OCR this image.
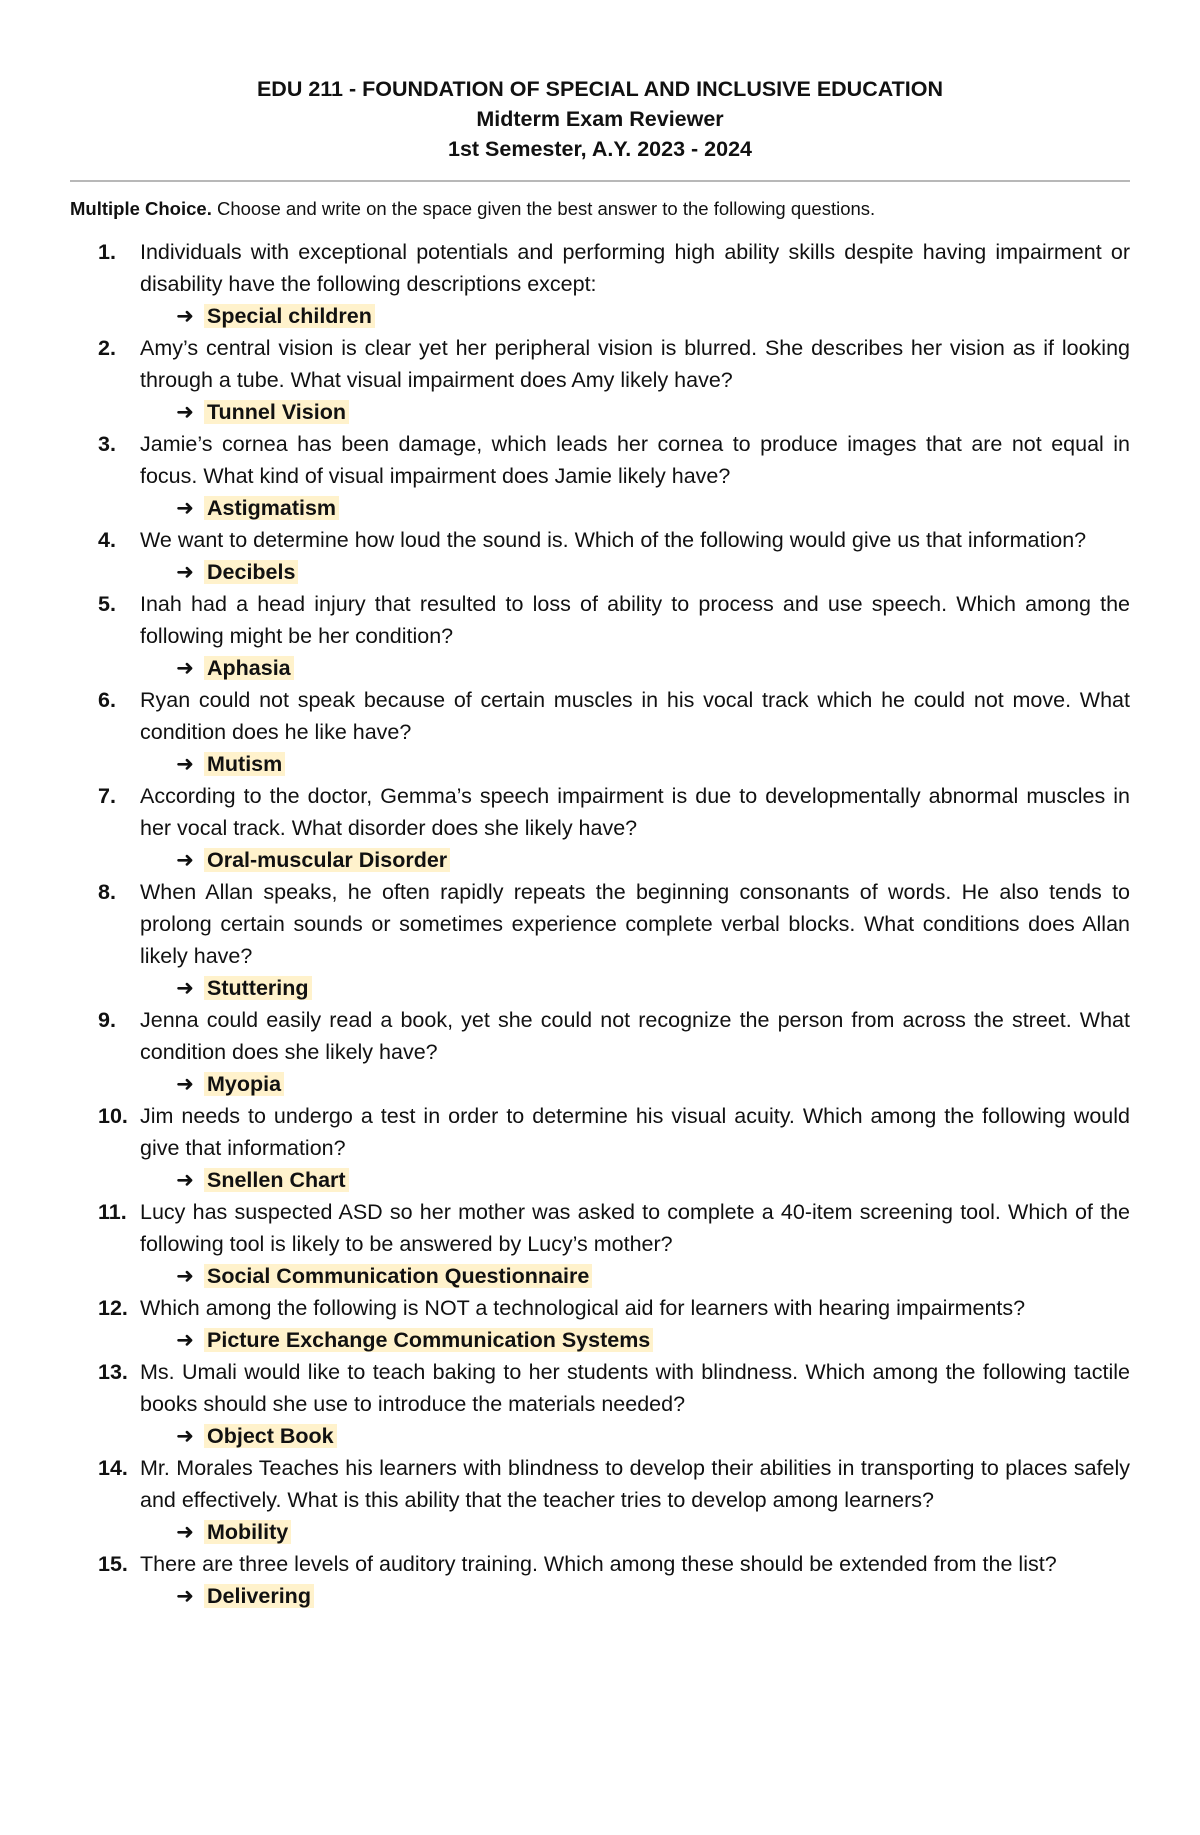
EDU 211 - FOUNDATION OF SPECIAL AND INCLUSIVE EDUCATION
Midterm Exam Reviewer
1st Semester, A.Y. 2023 - 2024
Multiple Choice. Choose and write on the space given the best answer to the following questions.
1. Individuals with exceptional potentials and performing high ability skills despite having impairment or disability have the following descriptions except:
➜ Special children
2. Amy’s central vision is clear yet her peripheral vision is blurred. She describes her vision as if looking through a tube. What visual impairment does Amy likely have?
➜ Tunnel Vision
3. Jamie’s cornea has been damage, which leads her cornea to produce images that are not equal in focus. What kind of visual impairment does Jamie likely have?
➜ Astigmatism
4. We want to determine how loud the sound is. Which of the following would give us that information?
➜ Decibels
5. Inah had a head injury that resulted to loss of ability to process and use speech. Which among the following might be her condition?
➜ Aphasia
6. Ryan could not speak because of certain muscles in his vocal track which he could not move. What condition does he like have?
➜ Mutism
7. According to the doctor, Gemma’s speech impairment is due to developmentally abnormal muscles in her vocal track. What disorder does she likely have?
➜ Oral-muscular Disorder
8. When Allan speaks, he often rapidly repeats the beginning consonants of words. He also tends to prolong certain sounds or sometimes experience complete verbal blocks. What conditions does Allan likely have?
➜ Stuttering
9. Jenna could easily read a book, yet she could not recognize the person from across the street. What condition does she likely have?
➜ Myopia
10. Jim needs to undergo a test in order to determine his visual acuity. Which among the following would give that information?
➜ Snellen Chart
11. Lucy has suspected ASD so her mother was asked to complete a 40-item screening tool. Which of the following tool is likely to be answered by Lucy’s mother?
➜ Social Communication Questionnaire
12. Which among the following is NOT a technological aid for learners with hearing impairments?
➜ Picture Exchange Communication Systems
13. Ms. Umali would like to teach baking to her students with blindness. Which among the following tactile books should she use to introduce the materials needed?
➜ Object Book
14. Mr. Morales Teaches his learners with blindness to develop their abilities in transporting to places safely and effectively. What is this ability that the teacher tries to develop among learners?
➜ Mobility
15. There are three levels of auditory training. Which among these should be extended from the list?
➜ Delivering
